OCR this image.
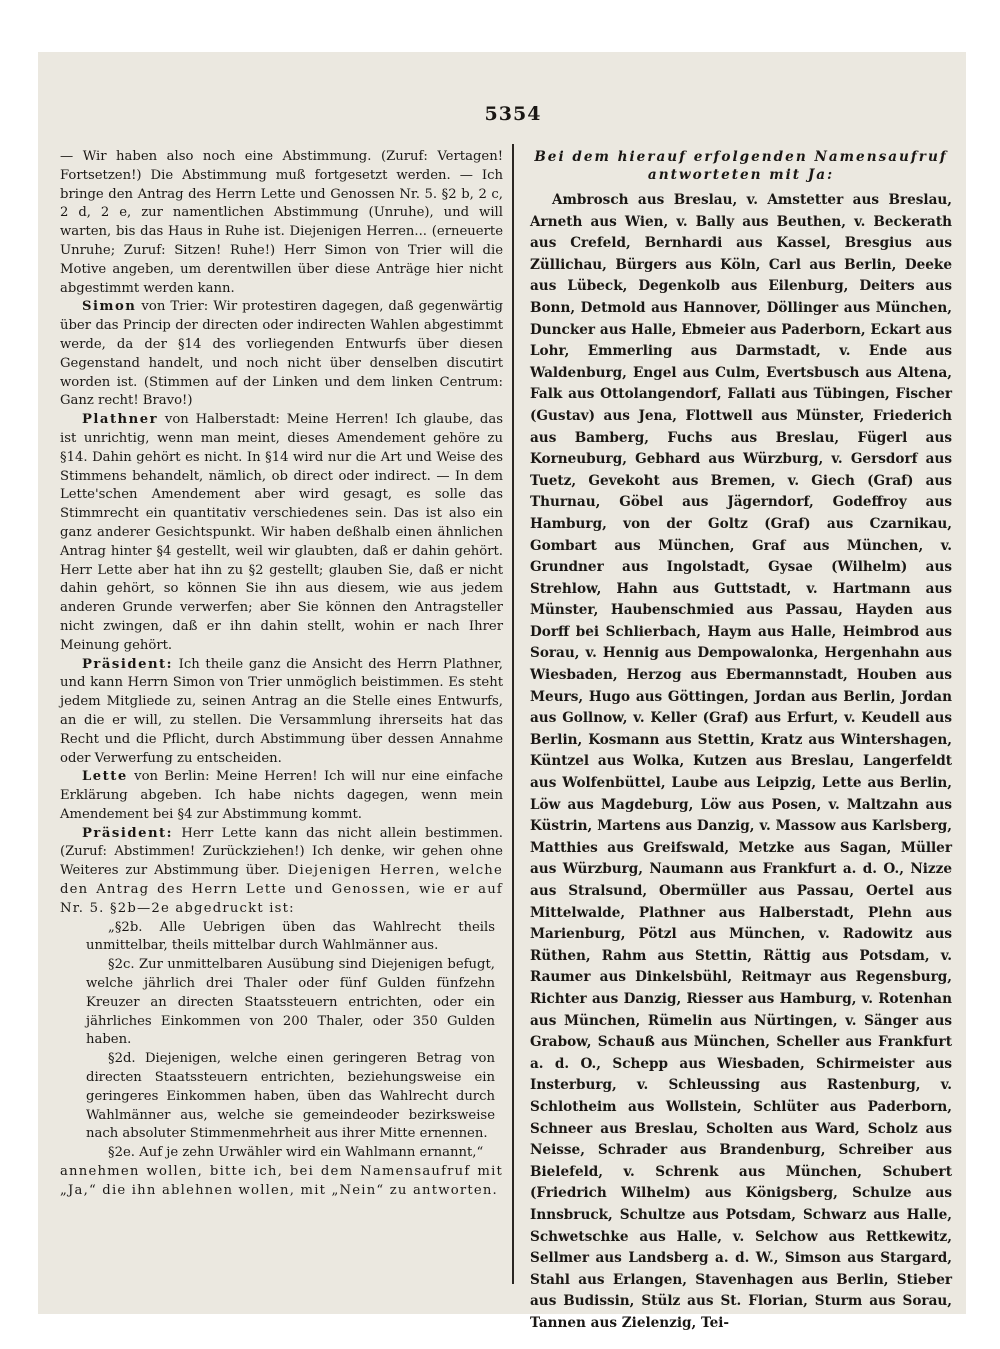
5354

— Wir haben also noch eine Abstimmung. (Zuruf: Vertagen! Fortsetzen!) Die Abstimmung muß fortgesetzt werden. — Ich bringe den Antrag des Herrn Lette und Genossen Nr. 5. §2 b, 2 c, 2 d, 2 e, zur namentlichen Abstimmung (Unruhe), und will warten, bis das Haus in Ruhe ist. Diejenigen Herren... (erneuerte Unruhe; Zuruf: Sitzen! Ruhe!) Herr Simon von Trier will die Motive angeben, um derentwillen über diese Anträge hier nicht abgestimmt werden kann.

Simon von Trier: Wir protestiren dagegen, daß gegenwärtig über das Princip der directen oder indirecten Wahlen abgestimmt werde, da der §14 des vorliegenden Entwurfs über diesen Gegenstand handelt, und noch nicht über denselben discutirt worden ist. (Stimmen auf der Linken und dem linken Centrum: Ganz recht! Bravo!)

Plathner von Halberstadt: Meine Herren! Ich glaube, das ist unrichtig, wenn man meint, dieses Amendement gehöre zu §14. Dahin gehört es nicht. In §14 wird nur die Art und Weise des Stimmens behandelt, nämlich, ob direct oder indirect. — In dem Lette'schen Amendement aber wird gesagt, es solle das Stimmrecht ein quantitativ verschiedenes sein. Das ist also ein ganz anderer Gesichtspunkt. Wir haben deßhalb einen ähnlichen Antrag hinter §4 gestellt, weil wir glaubten, daß er dahin gehört. Herr Lette aber hat ihn zu §2 gestellt; glauben Sie, daß er nicht dahin gehört, so können Sie ihn aus diesem, wie aus jedem anderen Grunde verwerfen; aber Sie können den Antragsteller nicht zwingen, daß er ihn dahin stellt, wohin er nach Ihrer Meinung gehört.

Präsident: Ich theile ganz die Ansicht des Herrn Plathner, und kann Herrn Simon von Trier unmöglich beistimmen. Es steht jedem Mitgliede zu, seinen Antrag an die Stelle eines Entwurfs, an die er will, zu stellen. Die Versammlung ihrerseits hat das Recht und die Pflicht, durch Abstimmung über dessen Annahme oder Verwerfung zu entscheiden.

Lette von Berlin: Meine Herren! Ich will nur eine einfache Erklärung abgeben. Ich habe nichts dagegen, wenn mein Amendement bei §4 zur Abstimmung kommt.

Präsident: Herr Lette kann das nicht allein bestimmen. (Zuruf: Abstimmen! Zurückziehen!) Ich denke, wir gehen ohne Weiteres zur Abstimmung über. Diejenigen Herren, welche den Antrag des Herrn Lette und Genossen, wie er auf Nr. 5. §2b—2e abgedruckt ist:

„§2b. Alle Uebrigen üben das Wahlrecht theils unmittelbar, theils mittelbar durch Wahlmänner aus.

§2c. Zur unmittelbaren Ausübung sind Diejenigen befugt, welche jährlich drei Thaler oder fünf Gulden fünfzehn Kreuzer an directen Staatssteuern entrichten, oder ein jährliches Einkommen von 200 Thaler, oder 350 Gulden haben.

§2d. Diejenigen, welche einen geringeren Betrag von directen Staatssteuern entrichten, beziehungsweise ein geringeres Einkommen haben, üben das Wahlrecht durch Wahlmänner aus, welche sie gemeindeoder bezirksweise nach absoluter Stimmenmehrheit aus ihrer Mitte ernennen.

§2e. Auf je zehn Urwähler wird ein Wahlmann ernannt,“

annehmen wollen, bitte ich, bei dem Namensaufruf mit „Ja,“ die ihn ablehnen wollen, mit „Nein“ zu antworten.

Bei dem hierauf erfolgenden Namensaufruf antworteten mit Ja:

Ambrosch aus Breslau, v. Amstetter aus Breslau, Arneth aus Wien, v. Bally aus Beuthen, v. Beckerath aus Crefeld, Bernhardi aus Kassel, Bresgius aus Züllichau, Bürgers aus Köln, Carl aus Berlin, Deeke aus Lübeck, Degenkolb aus Eilenburg, Deiters aus Bonn, Detmold aus Hannover, Döllinger aus München, Duncker aus Halle, Ebmeier aus Paderborn, Eckart aus Lohr, Emmerling aus Darmstadt, v. Ende aus Waldenburg, Engel aus Culm, Evertsbusch aus Altena, Falk aus Ottolangendorf, Fallati aus Tübingen, Fischer (Gustav) aus Jena, Flottwell aus Münster, Friederich aus Bamberg, Fuchs aus Breslau, Fügerl aus Korneuburg, Gebhard aus Würzburg, v. Gersdorf aus Tuetz, Gevekoht aus Bremen, v. Giech (Graf) aus Thurnau, Göbel aus Jägerndorf, Godeffroy aus Hamburg, von der Goltz (Graf) aus Czarnikau, Gombart aus München, Graf aus München, v. Grundner aus Ingolstadt, Gysae (Wilhelm) aus Strehlow, Hahn aus Guttstadt, v. Hartmann aus Münster, Haubenschmied aus Passau, Hayden aus Dorff bei Schlierbach, Haym aus Halle, Heimbrod aus Sorau, v. Hennig aus Dempowalonka, Hergenhahn aus Wiesbaden, Herzog aus Ebermannstadt, Houben aus Meurs, Hugo aus Göttingen, Jordan aus Berlin, Jordan aus Gollnow, v. Keller (Graf) aus Erfurt, v. Keudell aus Berlin, Kosmann aus Stettin, Kratz aus Wintershagen, Küntzel aus Wolka, Kutzen aus Breslau, Langerfeldt aus Wolfenbüttel, Laube aus Leipzig, Lette aus Berlin, Löw aus Magdeburg, Löw aus Posen, v. Maltzahn aus Küstrin, Martens aus Danzig, v. Massow aus Karlsberg, Matthies aus Greifswald, Metzke aus Sagan, Müller aus Würzburg, Naumann aus Frankfurt a. d. O., Nizze aus Stralsund, Obermüller aus Passau, Oertel aus Mittelwalde, Plathner aus Halberstadt, Plehn aus Marienburg, Pötzl aus München, v. Radowitz aus Rüthen, Rahm aus Stettin, Rättig aus Potsdam, v. Raumer aus Dinkelsbühl, Reitmayr aus Regensburg, Richter aus Danzig, Riesser aus Hamburg, v. Rotenhan aus München, Rümelin aus Nürtingen, v. Sänger aus Grabow, Schauß aus München, Scheller aus Frankfurt a. d. O., Schepp aus Wiesbaden, Schirmeister aus Insterburg, v. Schleussing aus Rastenburg, v. Schlotheim aus Wollstein, Schlüter aus Paderborn, Schneer aus Breslau, Scholten aus Ward, Scholz aus Neisse, Schrader aus Brandenburg, Schreiber aus Bielefeld, v. Schrenk aus München, Schubert (Friedrich Wilhelm) aus Königsberg, Schulze aus Innsbruck, Schultze aus Potsdam, Schwarz aus Halle, Schwetschke aus Halle, v. Selchow aus Rettkewitz, Sellmer aus Landsberg a. d. W., Simson aus Stargard, Stahl aus Erlangen, Stavenhagen aus Berlin, Stieber aus Budissin, Stülz aus St. Florian, Sturm aus Sorau, Tannen aus Zielenzig, Tei-
